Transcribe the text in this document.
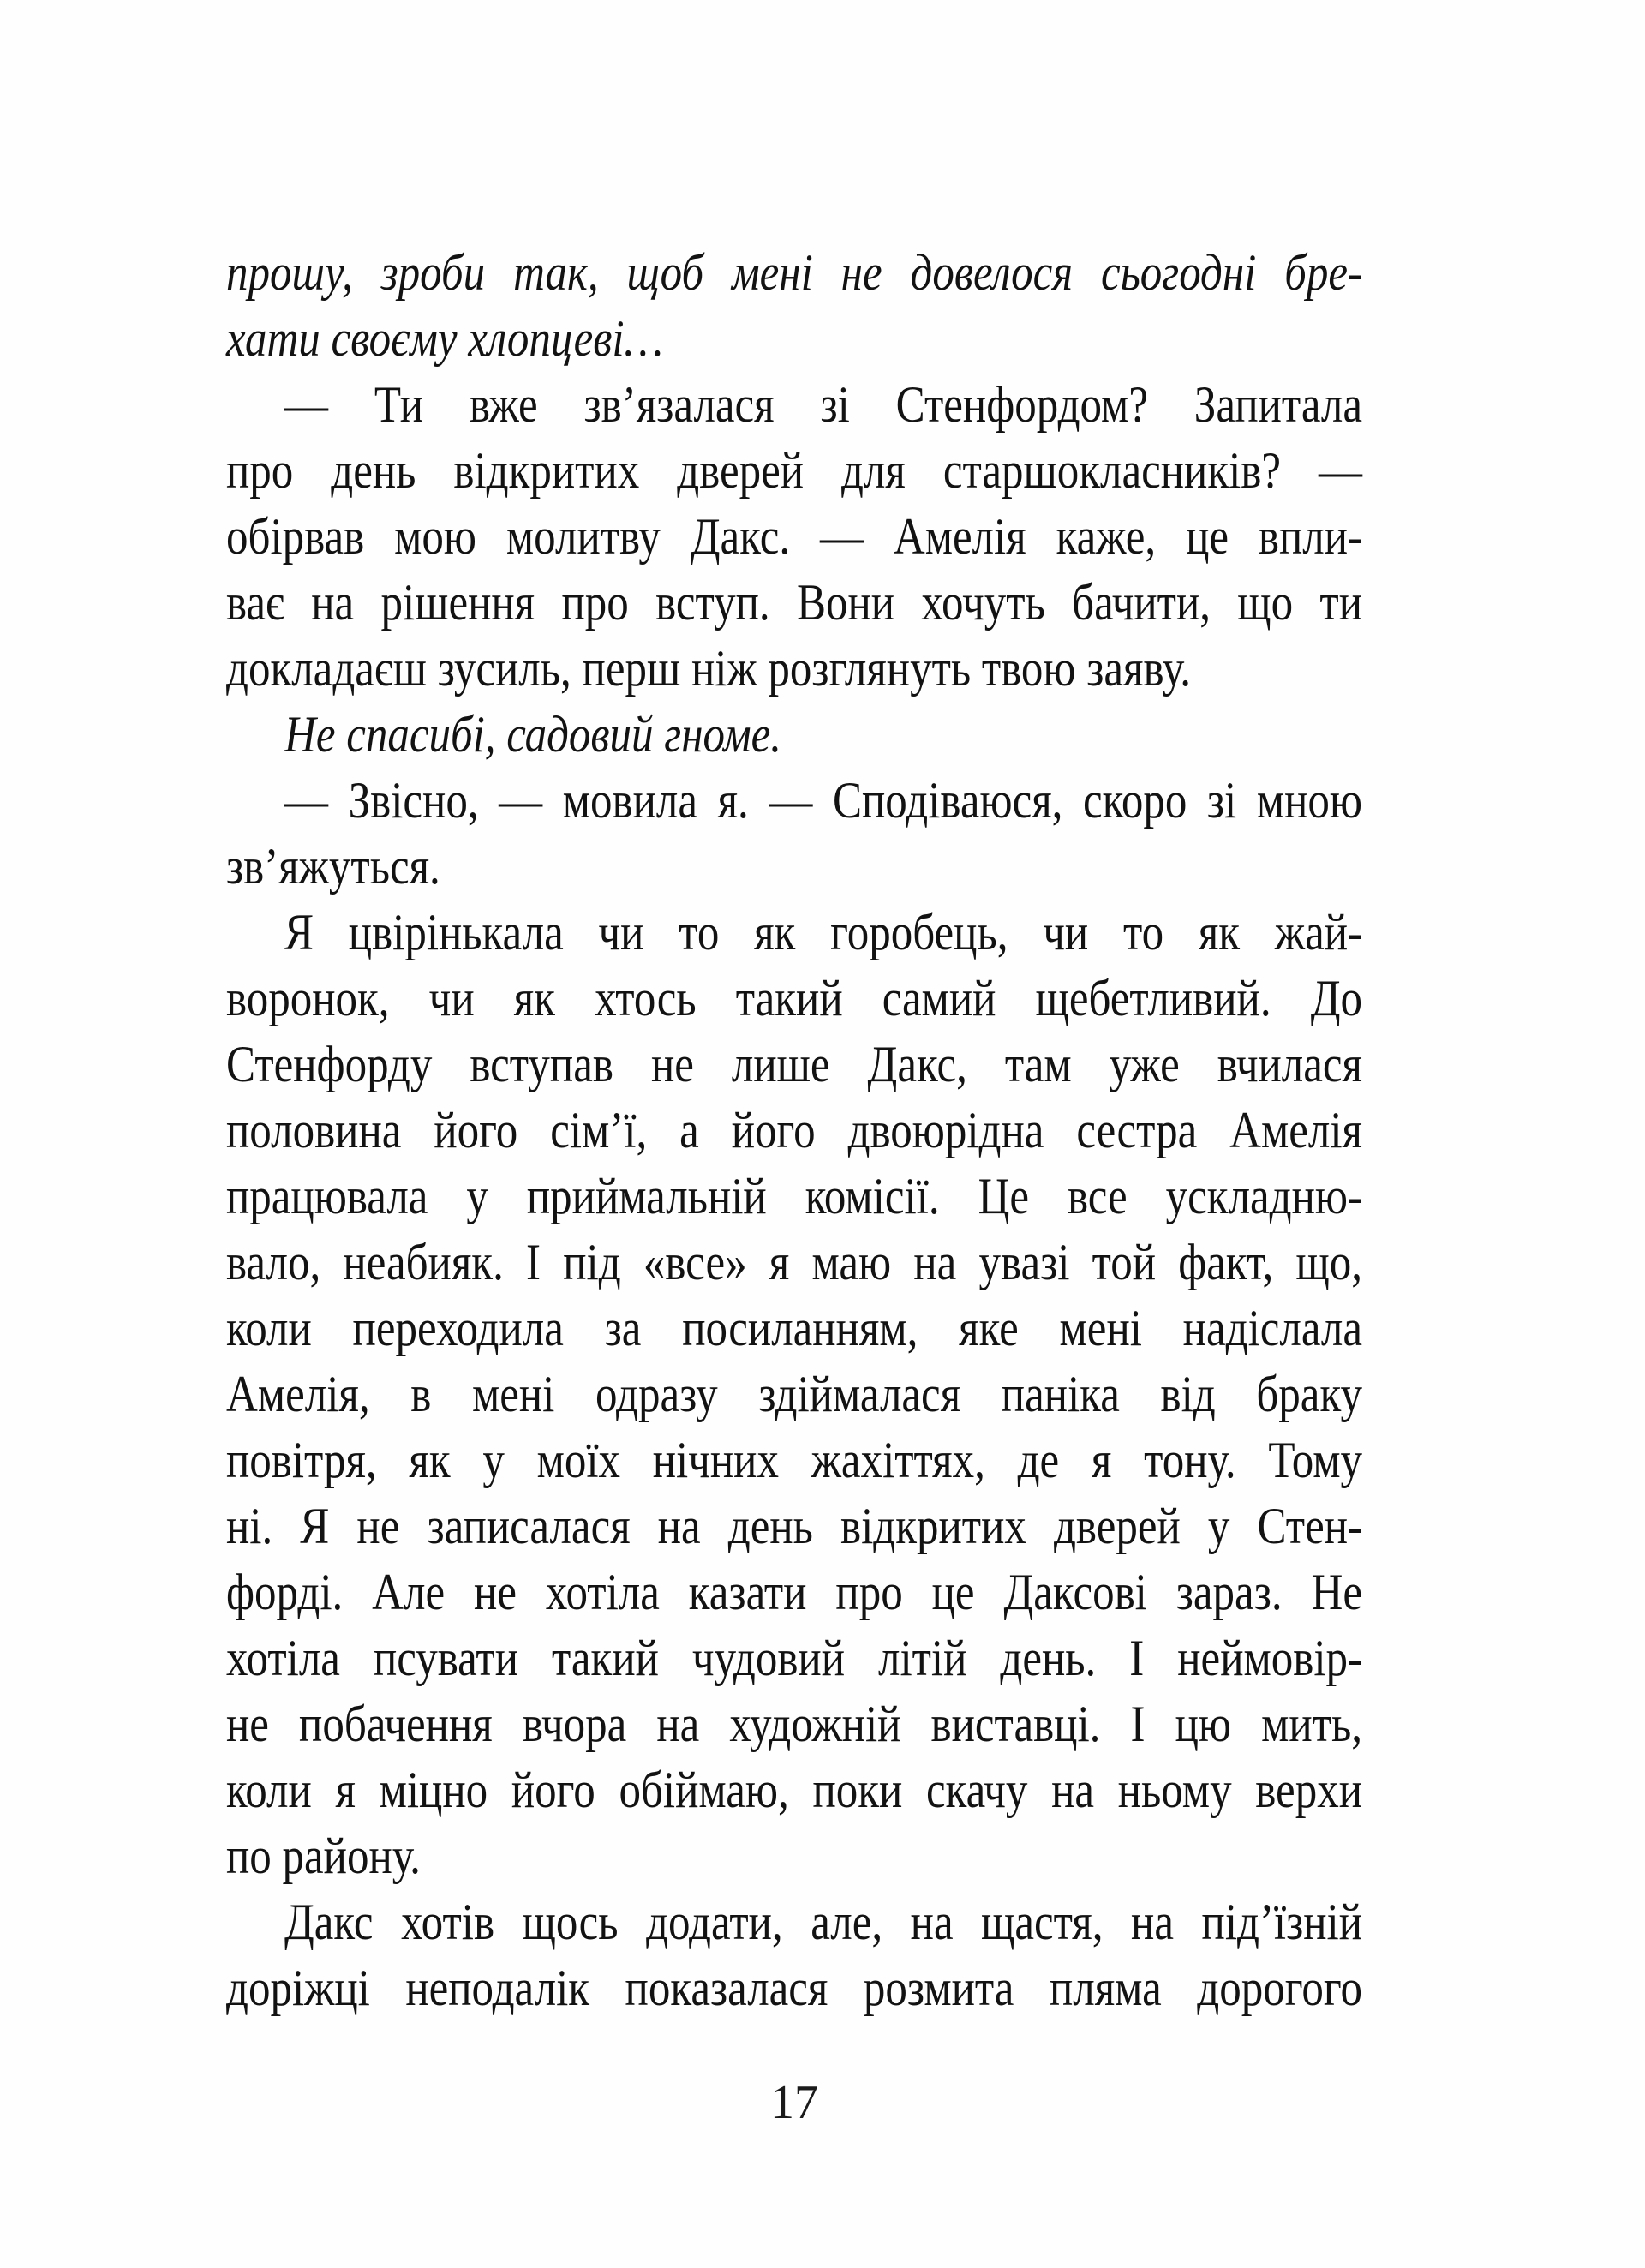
прошу, зроби так, щоб мені не довелося сьогодні бре-
хати своєму хлопцеві…
— Ти вже зв’язалася зі Стенфордом? Запитала
про день відкритих дверей для старшокласників? —
обірвав мою молитву Дакс. — Амелія каже, це впли-
ває на рішення про вступ. Вони хочуть бачити, що ти
докладаєш зусиль, перш ніж розглянуть твою заяву.
Не спасибі, садовий гноме.
— Звісно, — мовила я. — Сподіваюся, скоро зі мною
зв’яжуться.
Я цвірінькала чи то як горобець, чи то як жай-
воронок, чи як хтось такий самий щебетливий. До
Стенфорду вступав не лише Дакс, там уже вчилася
половина його сім’ї, а його двоюрідна сестра Амелія
працювала у приймальній комісії. Це все ускладню-
вало, неабияк. І під «все» я маю на увазі той факт, що,
коли переходила за посиланням, яке мені надіслала
Амелія, в мені одразу здіймалася паніка від браку
повітря, як у моїх нічних жахіттях, де я тону. Тому
ні. Я не записалася на день відкритих дверей у Стен-
форді. Але не хотіла казати про це Даксові зараз. Не
хотіла псувати такий чудовий літій день. І неймовір-
не побачення вчора на художній виставці. І цю мить,
коли я міцно його обіймаю, поки скачу на ньому верхи
по району.
Дакс хотів щось додати, але, на щастя, на під’їзній
доріжці неподалік показалася розмита пляма дорогого
17
